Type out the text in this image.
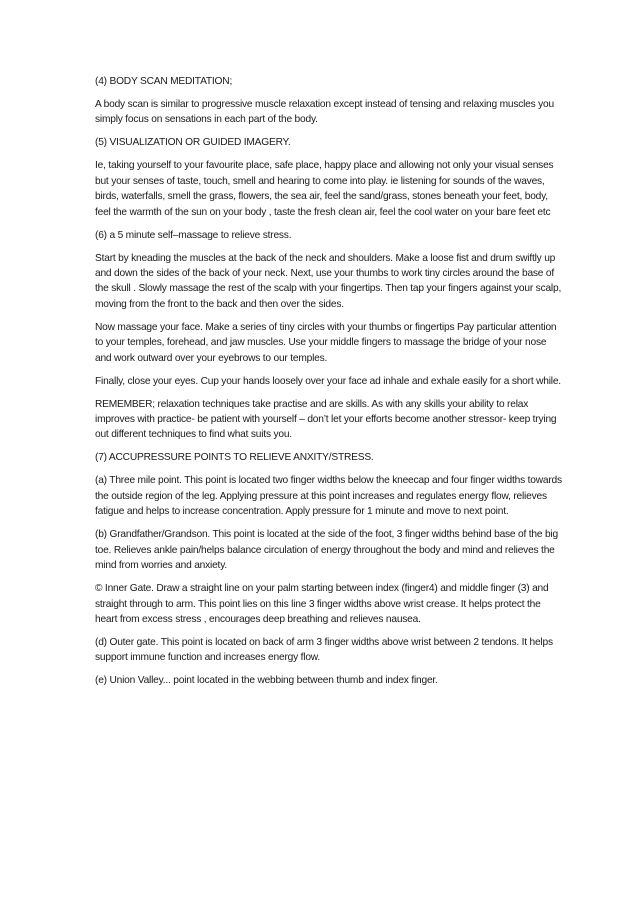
(4) BODY SCAN MEDITATION;

A body scan is similar to progressive muscle relaxation except instead of tensing and relaxing muscles you simply focus on sensations in each part of the body.

(5) VISUALIZATION OR GUIDED IMAGERY.

Ie, taking yourself to your favourite place, safe place, happy place and allowing not only your visual senses but your senses of taste, touch, smell and hearing to come into play. ie listening for sounds of the waves, birds, waterfalls, smell the grass, flowers, the sea air, feel the sand/grass, stones beneath your feet, body, feel the warmth of the sun on your body , taste the fresh clean air, feel the cool water on your bare feet etc

(6) a 5 minute self–massage to relieve stress.

Start by kneading the muscles at the back of the neck and shoulders. Make a loose fist and drum swiftly up and down the sides of the back of your neck. Next, use your thumbs to work tiny circles around the base of the skull . Slowly massage the rest of the scalp with your fingertips. Then tap your fingers against your scalp, moving from the front to the back and then over the sides.

Now massage your face. Make a series of tiny circles with your thumbs or fingertips Pay particular attention to your temples, forehead, and jaw muscles. Use your middle fingers to massage the bridge of your nose and work outward over your eyebrows to our temples.

Finally, close your eyes. Cup your hands loosely over your face ad inhale and exhale easily for a short while.

REMEMBER; relaxation techniques take practise and are skills. As with any skills your ability to relax improves with practice- be patient with yourself – don’t let your efforts become another stressor- keep trying out different techniques to find what suits you.

(7) ACCUPRESSURE POINTS TO RELIEVE ANXITY/STRESS.

(a) Three mile point. This point is located two finger widths below the kneecap and four finger widths towards the outside region of the leg. Applying pressure at this point increases and regulates energy flow, relieves fatigue and helps to increase concentration. Apply pressure for 1 minute and move to next point.

(b) Grandfather/Grandson. This point is located at the side of the foot, 3 finger widths behind base of the big toe. Relieves ankle pain/helps balance circulation of energy throughout the body and mind and relieves the mind from worries and anxiety.

© Inner Gate. Draw a straight line on your palm starting between index (finger4) and middle finger (3) and straight through to arm. This point lies on this line 3 finger widths above wrist crease. It helps protect the heart from excess stress , encourages deep breathing and relieves nausea.

(d) Outer gate. This point is located on back of arm 3 finger widths above wrist between 2 tendons. It helps support immune function and increases energy flow.

(e) Union Valley... point located in the webbing between thumb and index finger.
